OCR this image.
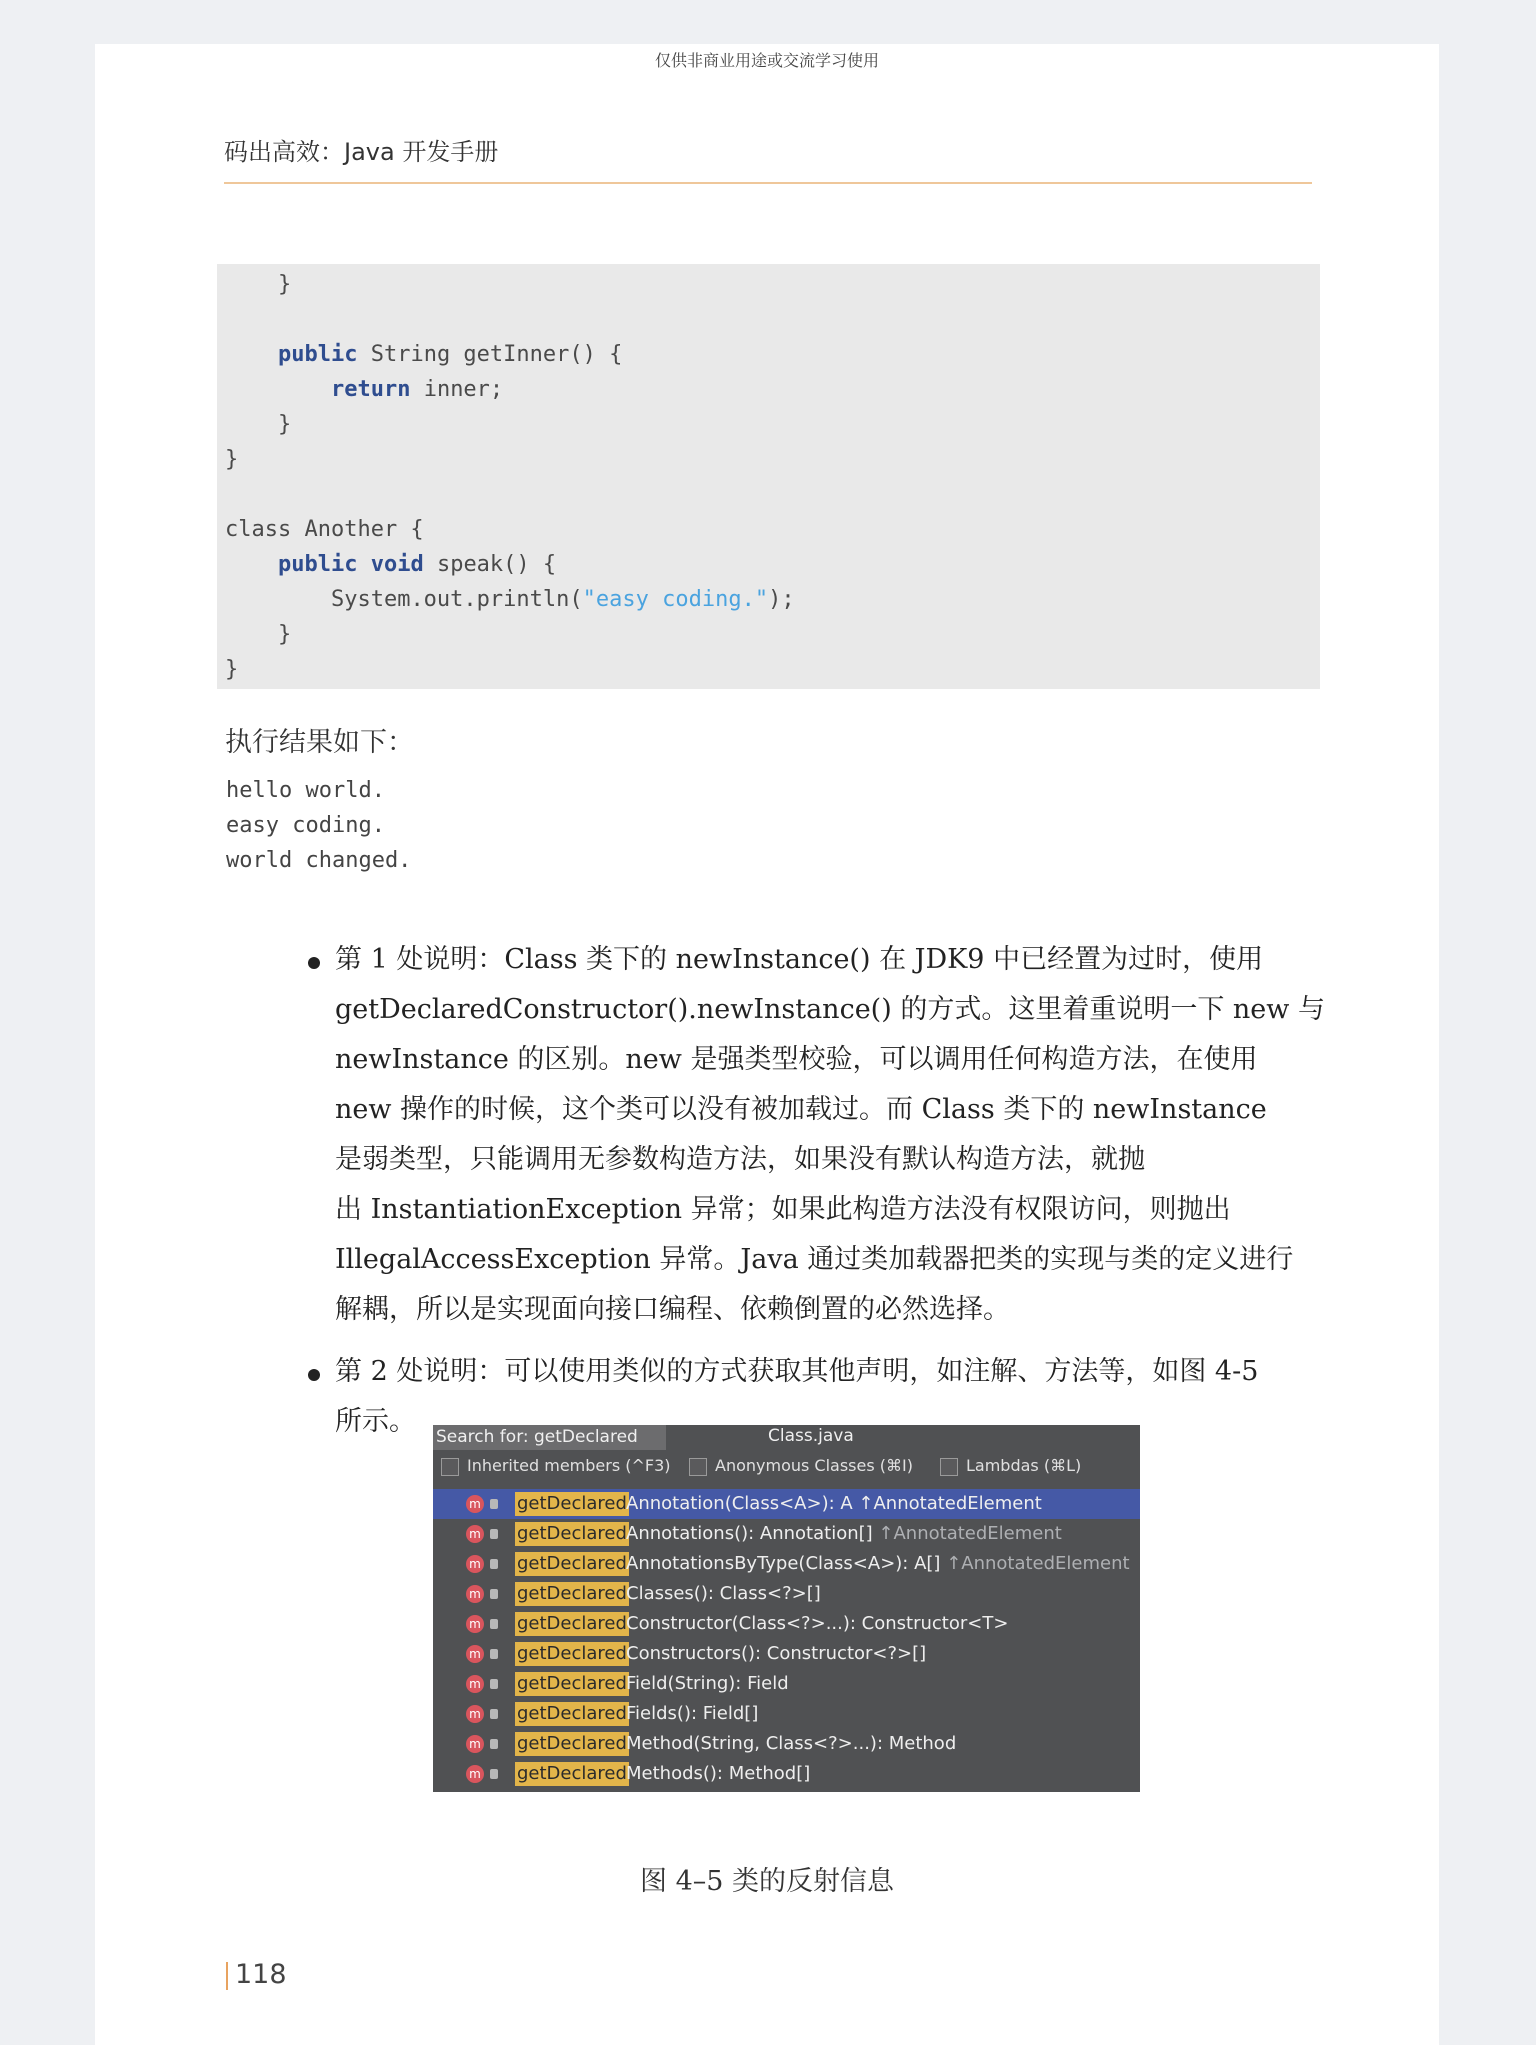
仅供非商业用途或交流学习使用
码出高效：Java 开发手册
}
public String getInner() {
return inner;
}
}
class Another {
public void speak() {
System.out.println("easy coding.");
}
}
执行结果如下：
hello world.
easy coding.
world changed.
第 1 处说明：Class 类下的 newInstance() 在 JDK9 中已经置为过时，使用
getDeclaredConstructor().newInstance() 的方式。这里着重说明一下 new 与
newInstance 的区别。new 是强类型校验，可以调用任何构造方法，在使用
new 操作的时候，这个类可以没有被加载过。而 Class 类下的 newInstance
是弱类型，只能调用无参数构造方法，如果没有默认构造方法，就抛
出 InstantiationException 异常；如果此构造方法没有权限访问，则抛出
IllegalAccessException 异常。Java 通过类加载器把类的实现与类的定义进行
解耦，所以是实现面向接口编程、依赖倒置的必然选择。
第 2 处说明：可以使用类似的方式获取其他声明，如注解、方法等，如图 4-5
所示。	Search for: getDeclared	Class.java
Inherited members (^F3)	Anonymous Classes (⌘I)	Lambdas (⌘L)
m getDeclared Annotation(Class<A>): A ↑AnnotatedElement
m getDeclared Annotations(): Annotation[] ↑AnnotatedElement
m getDeclared AnnotationsByType(Class<A>): A[] ↑AnnotatedElement
m getDeclared Classes(): Class<?>[]
m getDeclared Constructor(Class<?>...): Constructor<T>
m getDeclared Constructors(): Constructor<?>[]
m getDeclared Field(String): Field
m getDeclared Fields(): Field[]
m getDeclared Method(String, Class<?>...): Method
m getDeclared Methods(): Method[]
图 4–5 类的反射信息
118
